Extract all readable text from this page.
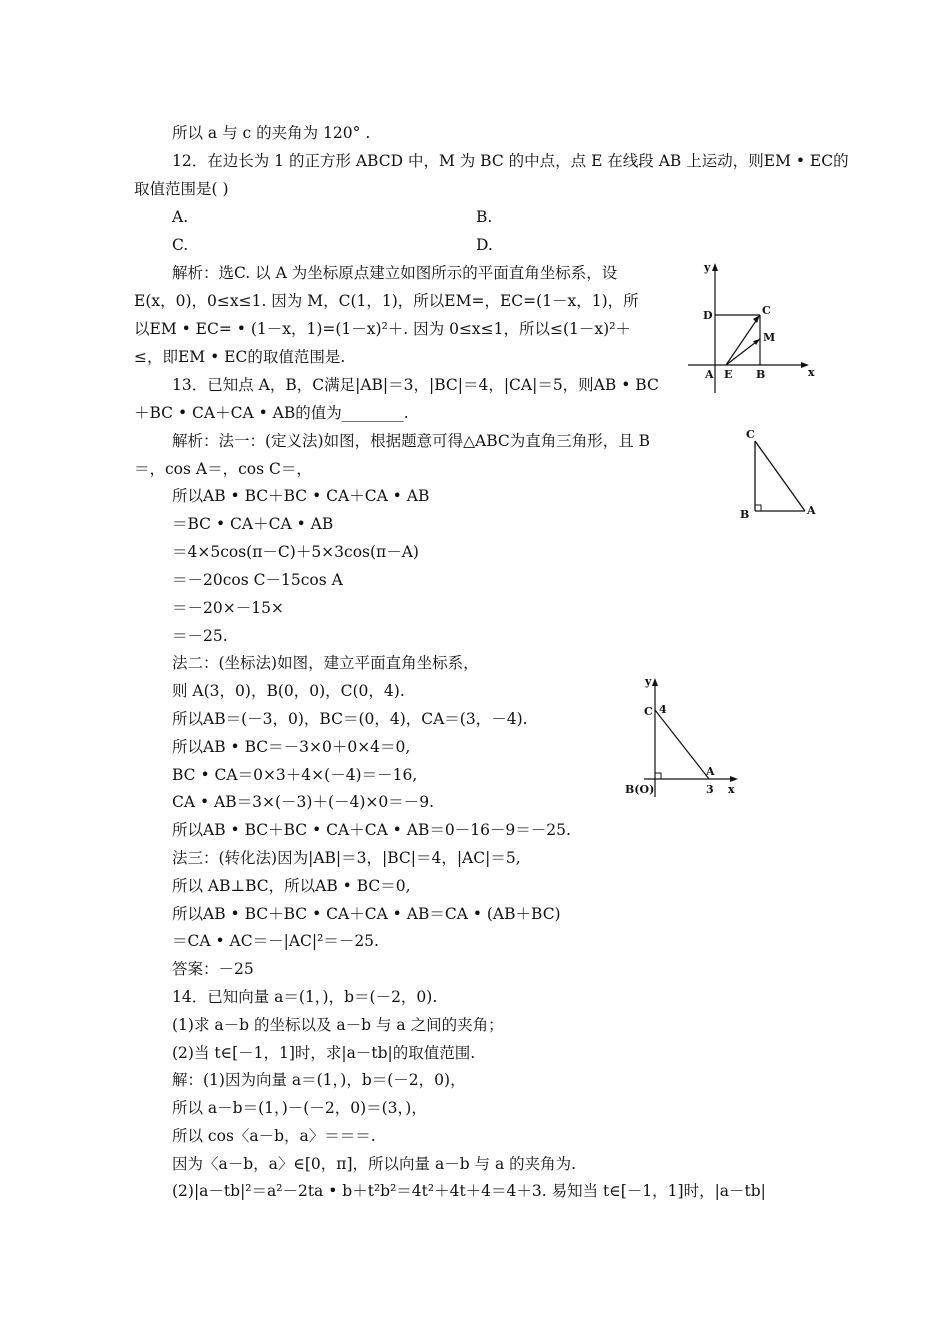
所以 a 与 c 的夹角为 120° .
12．在边长为 1 的正方形 ABCD 中，M 为 BC 的中点，点 E 在线段 AB 上运动，则EM • EC的
取值范围是( )
A.	B.
C.	D.
解析：选C. 以 A 为坐标原点建立如图所示的平面直角坐标系，设
E(x，0)，0≤x≤1. 因为 M，C(1，1)，所以EM=，EC=(1－x，1)，所
以EM • EC= • (1－x，1)=(1－x)²＋. 因为 0≤x≤1，所以≤(1－x)²＋
≤，即EM • EC的取值范围是.
13．已知点 A，B，C满足|AB|＝3，|BC|＝4，|CA|＝5，则AB • BC
＋BC • CA＋CA • AB的值为________.
解析：法一：(定义法)如图，根据题意可得△ABC为直角三角形，且 B
＝，cos A＝，cos C＝，
所以AB • BC＋BC • CA＋CA • AB
＝BC • CA＋CA • AB
＝4×5cos(π－C)＋5×3cos(π－A)
＝－20cos C－15cos A
＝－20×－15×
＝－25.
法二：(坐标法)如图，建立平面直角坐标系，
则 A(3，0)，B(0，0)，C(0，4).
所以AB＝(－3，0)，BC＝(0，4)，CA＝(3，－4).
所以AB • BC＝－3×0＋0×4＝0,
BC • CA＝0×3＋4×(－4)＝－16,
CA • AB＝3×(－3)＋(－4)×0＝－9.
所以AB • BC＋BC • CA＋CA • AB＝0－16－9＝－25.
法三：(转化法)因为|AB|＝3，|BC|＝4，|AC|＝5,
所以 AB⊥BC，所以AB • BC＝0,
所以AB • BC＋BC • CA＋CA • AB＝CA • (AB＋BC)
＝CA • AC＝－|AC|²＝－25.
答案：－25
14．已知向量 a＝(1，)，b＝(－2，0).
(1)求 a－b 的坐标以及 a－b 与 a 之间的夹角；
(2)当 t∈[－1，1]时，求|a－tb|的取值范围.
解：(1)因为向量 a＝(1，)，b＝(－2，0)，
所以 a－b＝(1，)－(－2，0)＝(3，)，
所以 cos〈a－b，a〉＝＝＝.
因为〈a－b，a〉∈[0，π]，所以向量 a－b 与 a 的夹角为.
(2)|a－tb|²＝a²－2ta • b＋t²b²＝4t²＋4t＋4＝4＋3. 易知当 t∈[－1，1]时，|a－tb|
y
x
D	C
M
A E B
C
B	A
y
C 4
A
B(O)	3 x
